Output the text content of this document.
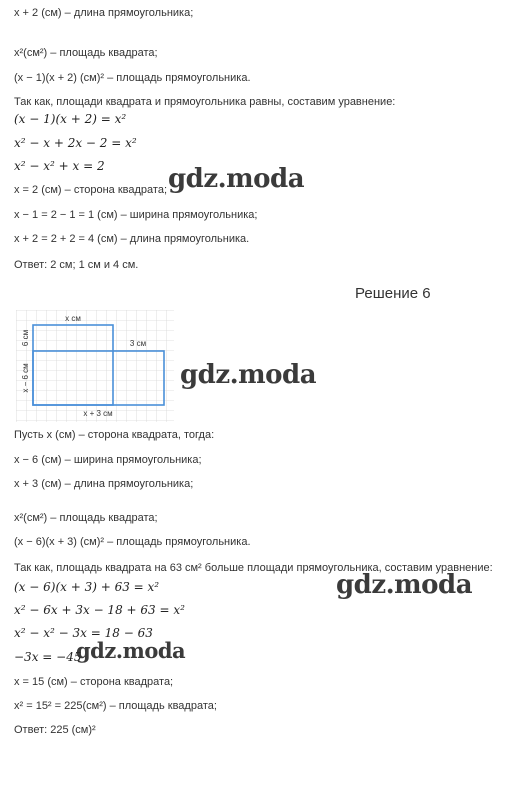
x + 2 (см) – длина прямоугольника;
x²(см²) – площадь квадрата;
(x − 1)(x + 2) (см)² – площадь прямоугольника.
Так как, площади квадрата и прямоугольника равны, составим уравнение:
(x − 1)(x + 2) = x²
x² − x + 2x − 2 = x²
x² − x² + x = 2
x = 2 (см) – сторона квадрата;
x − 1 = 2 − 1 = 1 (см) – ширина прямоугольника;
x + 2 = 2 + 2 = 4 (см) – длина прямоугольника.
Ответ: 2 см; 1 см и 4 см.
gdz.moda
Решение 6
x см
3 см
x + 3 см
6 см
x − 6 см	gdz.moda
Пусть x (см) – сторона квадрата, тогда:
x − 6 (см) – ширина прямоугольника;
x + 3 (см) – длина прямоугольника;
x²(см²) – площадь квадрата;
(x − 6)(x + 3) (см)² – площадь прямоугольника.
Так как, площадь квадрата на 63 см² больше площади прямоугольника, составим уравнение:
(x − 6)(x + 3) + 63 = x²
x² − 6x + 3x − 18 + 63 = x²
x² − x² − 3x = 18 − 63
−3x = −45
x = 15 (см) – сторона квадрата;
x² = 15² = 225(см²) – площадь квадрата;
Ответ: 225 (см)²
gdz.moda
gdz.moda
